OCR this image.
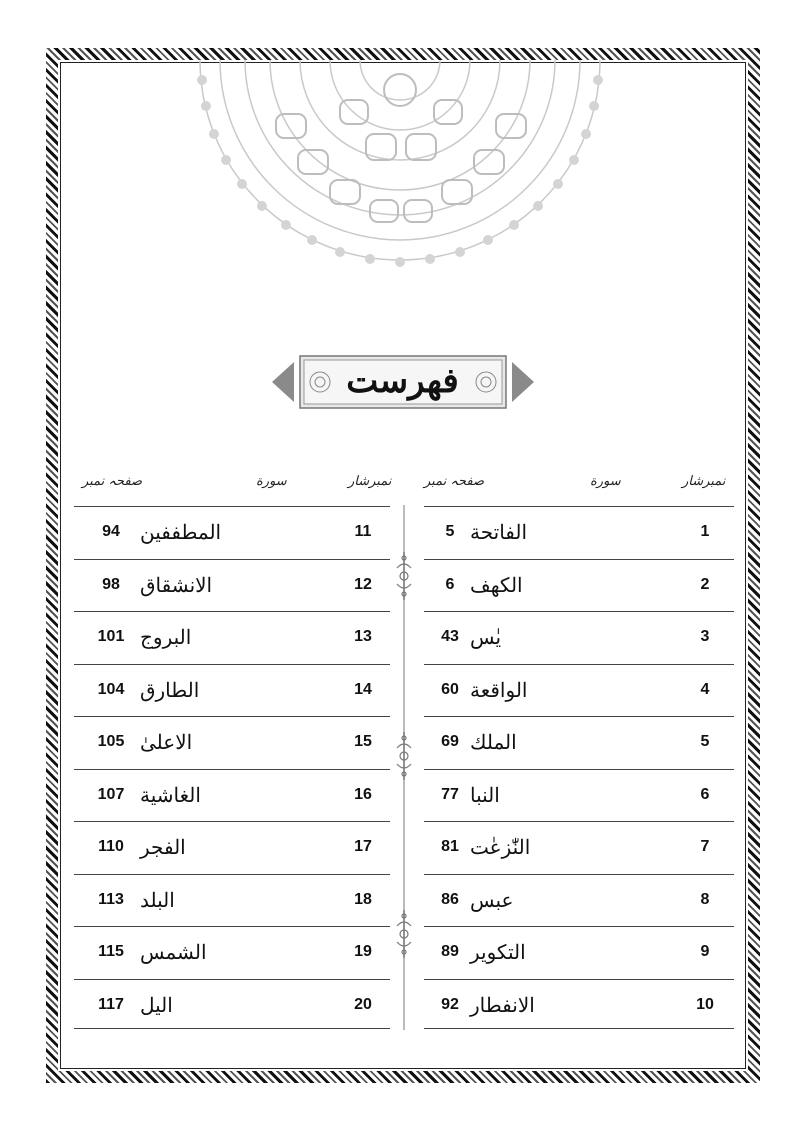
فهرست
نمبرشار
سورة
صفحہ نمبر
نمبرشار
سورة
صفحہ نمبر
1
الفاتحة
5
2
الكهف
6
3
يٰس
43
4
الواقعة
60
5
الملك
69
6
النبا
77
7
النّٰزعٰت
81
8
عبس
86
9
التكوير
89
10
الانفطار
92
11
المطففين
94
12
الانشقاق
98
13
البروج
101
14
الطارق
104
15
الاعلىٰ
105
16
الغاشية
107
17
الفجر
110
18
البلد
113
19
الشمس
115
20
اليل
117
